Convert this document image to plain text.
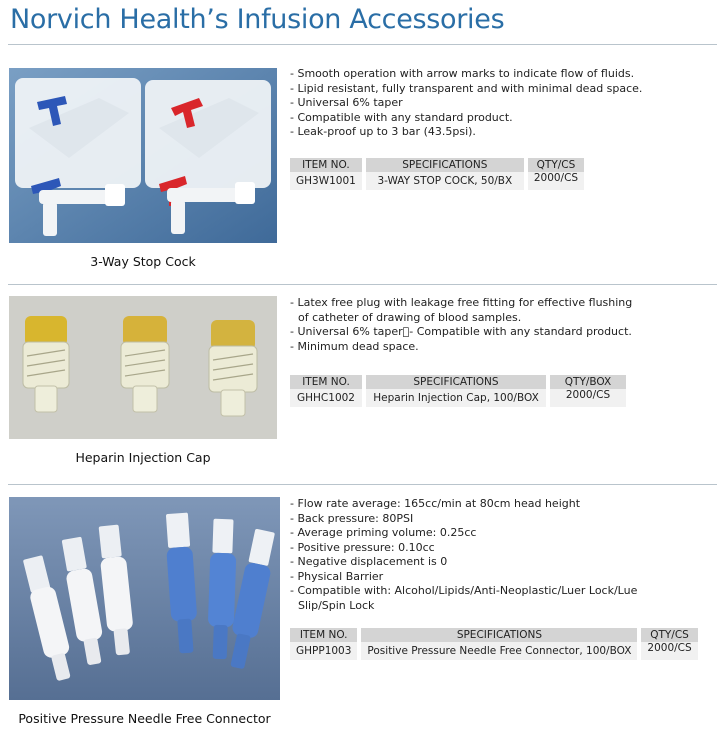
Norvich Health’s Infusion Accessories
3-Way Stop Cock
- Smooth operation with arrow marks to indicate flow of fluids.
- Lipid resistant, fully transparent and with minimal dead space.
- Universal 6% taper
- Compatible with any standard product.
- Leak-proof up to 3 bar (43.5psi).
ITEM NO.	SPECIFICATIONS	QTY/CS
GH3W1001	3-WAY STOP COCK, 50/BX	2000/CS
Heparin Injection Cap
- Latex free plug with leakage free fitting for effective flushing of catheter of drawing of blood samples.
- Universal 6% taper - Compatible with any standard product.
- Minimum dead space.
ITEM NO.	SPECIFICATIONS	QTY/BOX
GHHC1002	Heparin Injection Cap, 100/BOX	2000/CS
Positive Pressure Needle Free Connector
- Flow rate average: 165cc/min at 80cm head height
- Back pressure: 80PSI
- Average priming volume: 0.25cc
- Positive pressure: 0.10cc
- Negative displacement is 0
- Physical Barrier
- Compatible with: Alcohol/Lipids/Anti-Neoplastic/Luer Lock/Lue Slip/Spin Lock
ITEM NO.	SPECIFICATIONS	QTY/CS
GHPP1003	Positive Pressure Needle Free Connector, 100/BOX	2000/CS
